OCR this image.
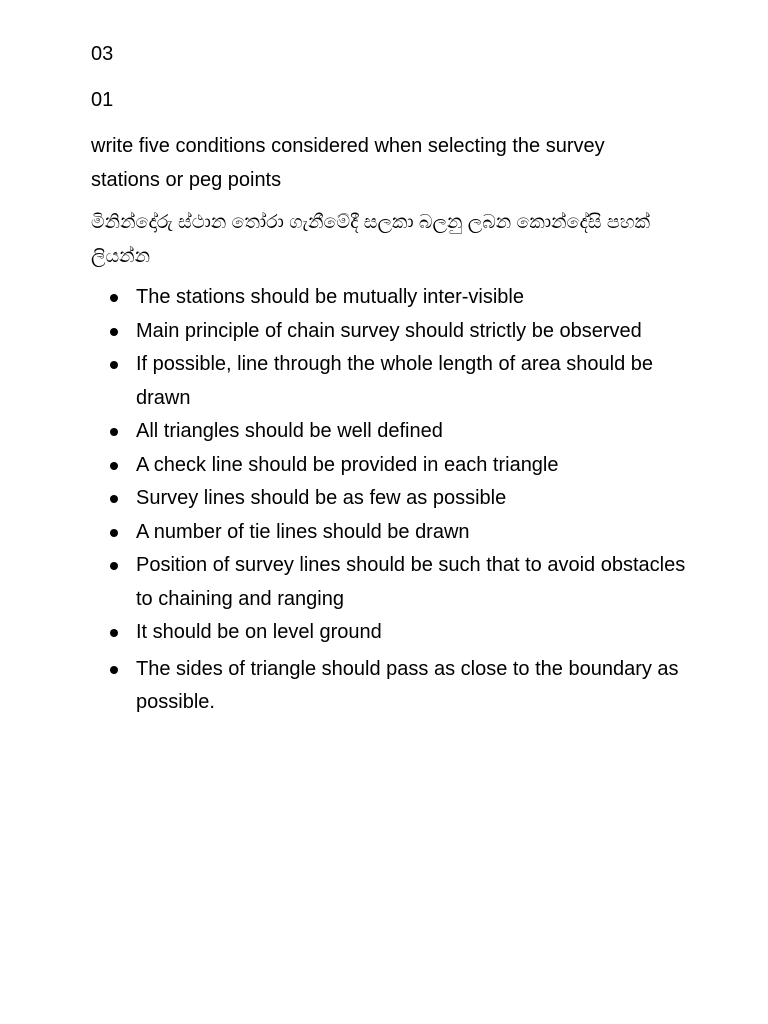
03
01
write five conditions considered when selecting the survey stations or peg points
මිනින්දෝරු ස්ථාන තෝරා ගැනීමේදී සලකා බලනු ලබන කොන්දේසි පහක් ලියන්න
The stations should be mutually inter-visible
Main principle of chain survey should strictly be observed
If possible, line through the whole length of area should be drawn
All triangles should be well defined
A check line should be provided in each triangle
Survey lines should be as few as possible
A number of tie lines should be drawn
Position of survey lines should be such that to avoid obstacles to chaining and ranging
It should be on level ground
The sides of triangle should pass as close to the boundary as possible.
